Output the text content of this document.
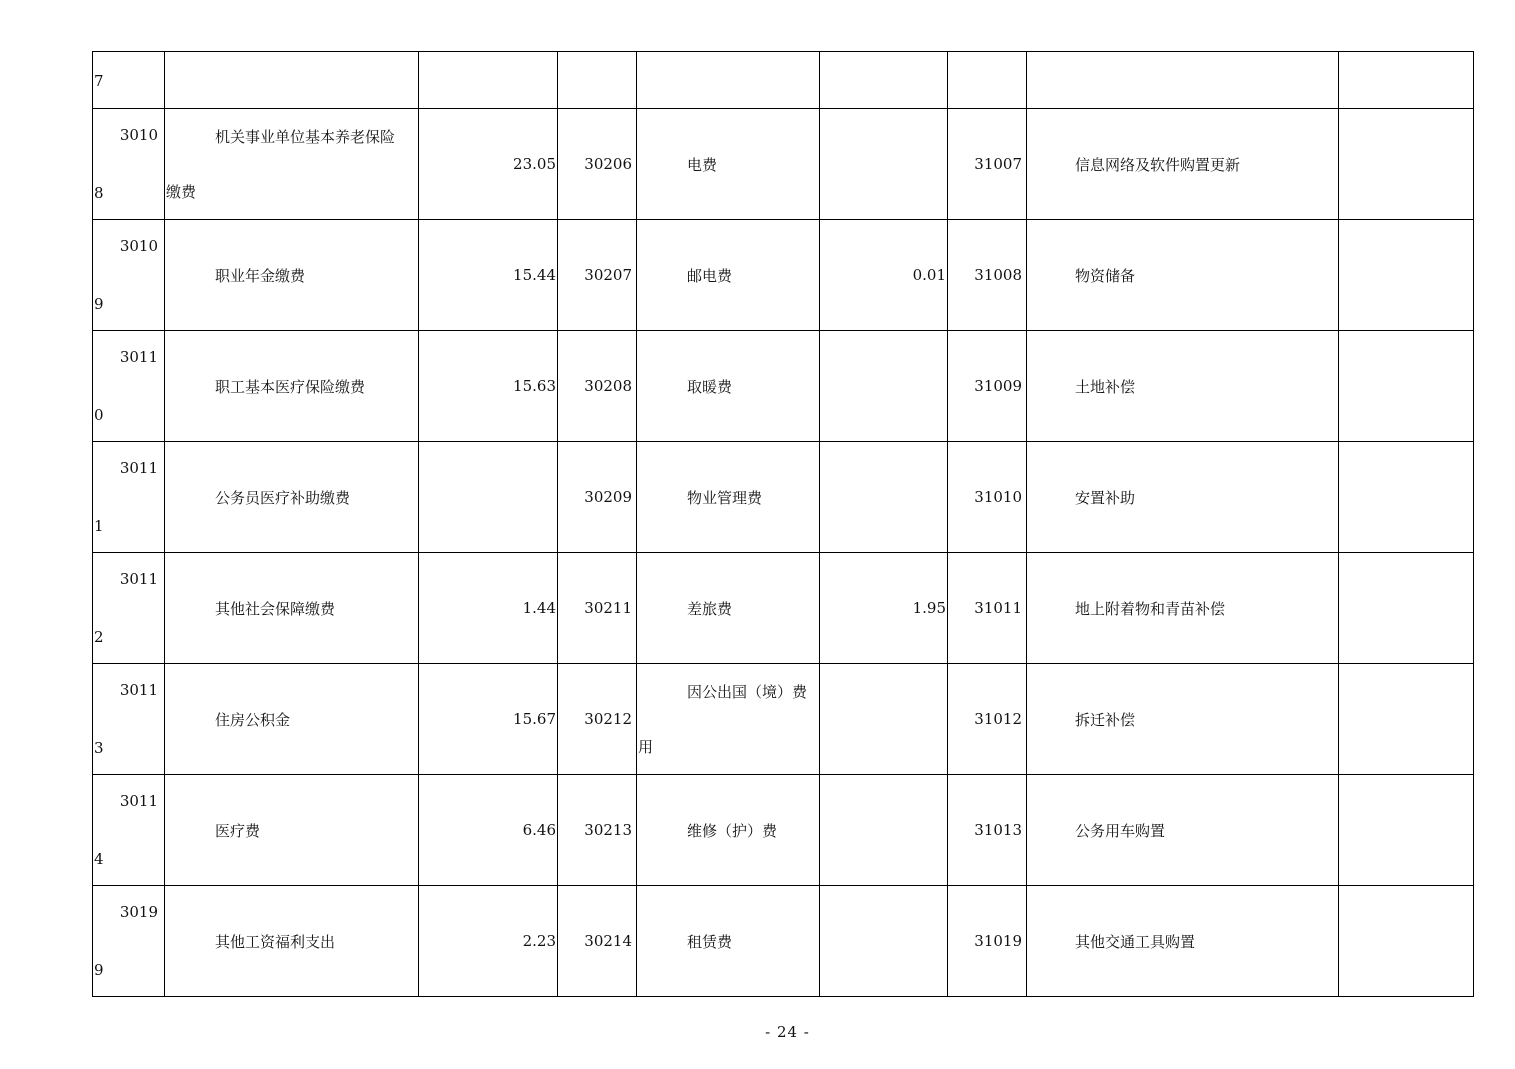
7								

3010
8	机关事业单位基本养老保险
缴费	23.05	30206	电费		31007	信息网络及软件购置更新	

3010
9	职业年金缴费	15.44	30207	邮电费	0.01	31008	物资储备	

3011
0	职工基本医疗保险缴费	15.63	30208	取暖费		31009	土地补偿	

3011
1	公务员医疗补助缴费		30209	物业管理费		31010	安置补助	

3011
2	其他社会保障缴费	1.44	30211	差旅费	1.95	31011	地上附着物和青苗补偿	

3011
3	住房公积金	15.67	30212	因公出国（境）费
用		31012	拆迁补偿	

3011
4	医疗费	6.46	30213	维修（护）费		31013	公务用车购置	

3019
9	其他工资福利支出	2.23	30214	租赁费		31019	其他交通工具购置	
- 24 -
